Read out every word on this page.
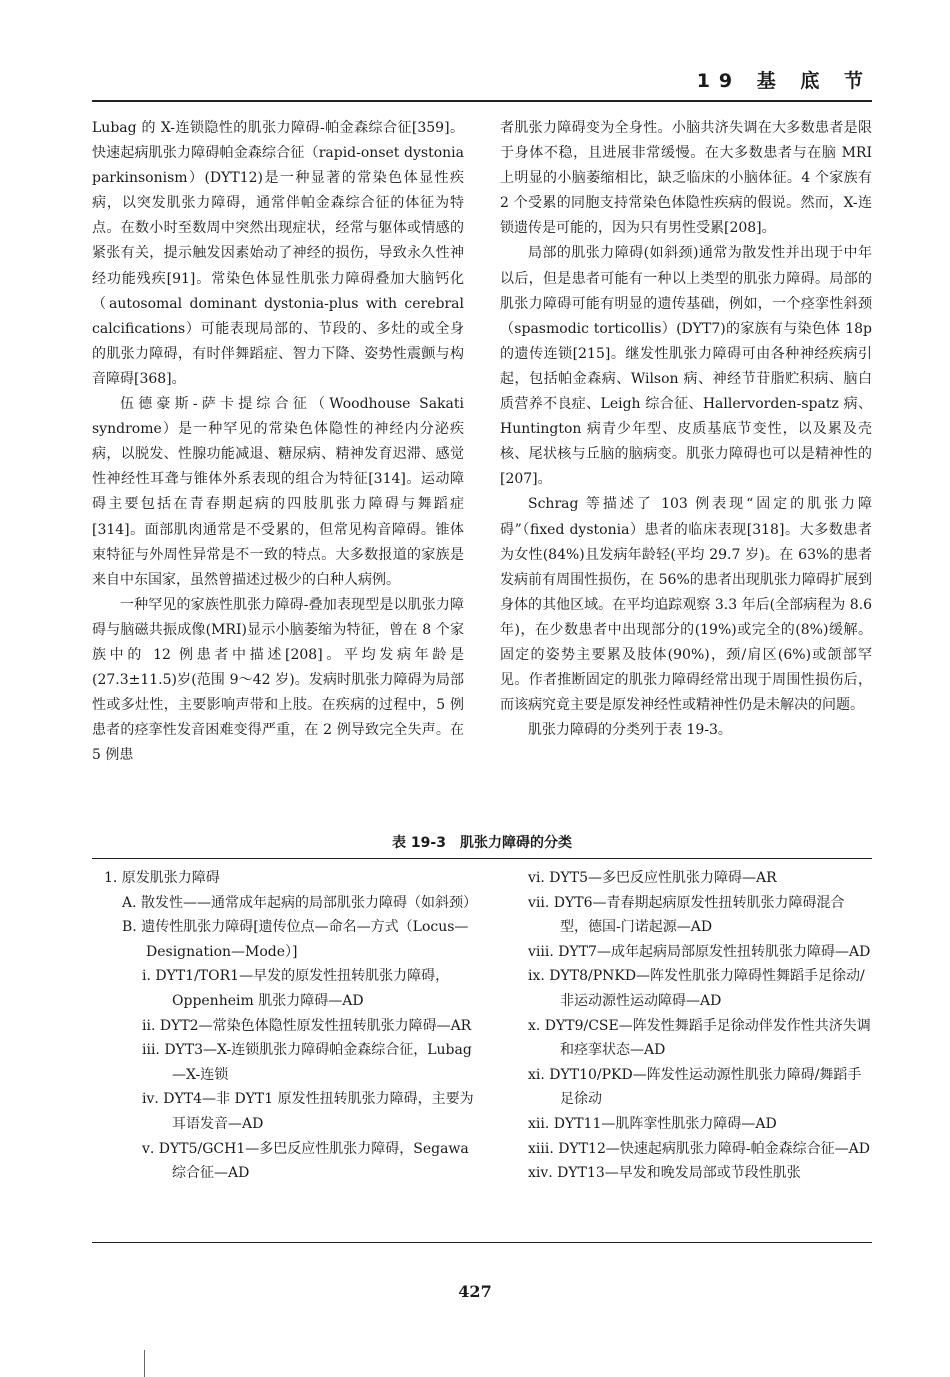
19 基 底 节

Lubag 的 X-连锁隐性的肌张力障碍-帕金森综合征[359]。快速起病肌张力障碍帕金森综合征（rapid-onset dystonia parkinsonism）(DYT12)是一种显著的常染色体显性疾病，以突发肌张力障碍，通常伴帕金森综合征的体征为特点。在数小时至数周中突然出现症状，经常与躯体或情感的紧张有关，提示触发因素始动了神经的损伤，导致永久性神经功能残疾[91]。常染色体显性肌张力障碍叠加大脑钙化（autosomal dominant dystonia-plus with cerebral calcifications）可能表现局部的、节段的、多灶的或全身的肌张力障碍，有时伴舞蹈症、智力下降、姿势性震颤与构音障碍[368]。

伍德豪斯-萨卡提综合征（Woodhouse Sakati syndrome）是一种罕见的常染色体隐性的神经内分泌疾病，以脱发、性腺功能减退、糖尿病、精神发育迟滞、感觉性神经性耳聋与锥体外系表现的组合为特征[314]。运动障碍主要包括在青春期起病的四肢肌张力障碍与舞蹈症[314]。面部肌肉通常是不受累的，但常见构音障碍。锥体束特征与外周性异常是不一致的特点。大多数报道的家族是来自中东国家，虽然曾描述过极少的白种人病例。

一种罕见的家族性肌张力障碍-叠加表现型是以肌张力障碍与脑磁共振成像(MRI)显示小脑萎缩为特征，曾在 8 个家族中的 12 例患者中描述[208]。平均发病年龄是(27.3±11.5)岁(范围 9～42 岁)。发病时肌张力障碍为局部性或多灶性，主要影响声带和上肢。在疾病的过程中，5 例患者的痉挛性发音困难变得严重，在 2 例导致完全失声。在 5 例患

者肌张力障碍变为全身性。小脑共济失调在大多数患者是限于身体不稳，且进展非常缓慢。在大多数患者与在脑 MRI 上明显的小脑萎缩相比，缺乏临床的小脑体征。4 个家族有 2 个受累的同胞支持常染色体隐性疾病的假说。然而，X-连锁遗传是可能的，因为只有男性受累[208]。

局部的肌张力障碍(如斜颈)通常为散发性并出现于中年以后，但是患者可能有一种以上类型的肌张力障碍。局部的肌张力障碍可能有明显的遗传基础，例如，一个痉挛性斜颈（spasmodic torticollis）(DYT7)的家族有与染色体 18p 的遗传连锁[215]。继发性肌张力障碍可由各种神经疾病引起，包括帕金森病、Wilson 病、神经节苷脂贮积病、脑白质营养不良症、Leigh 综合征、Hallervorden-spatz 病、Huntington 病青少年型、皮质基底节变性，以及累及壳核、尾状核与丘脑的脑病变。肌张力障碍也可以是精神性的[207]。

Schrag 等描述了 103 例表现“固定的肌张力障碍”（fixed dystonia）患者的临床表现[318]。大多数患者为女性(84%)且发病年龄轻(平均 29.7 岁)。在 63%的患者发病前有周围性损伤，在 56%的患者出现肌张力障碍扩展到身体的其他区域。在平均追踪观察 3.3 年后(全部病程为 8.6 年)，在少数患者中出现部分的(19%)或完全的(8%)缓解。固定的姿势主要累及肢体(90%)，颈/肩区(6%)或颌部罕见。作者推断固定的肌张力障碍经常出现于周围性损伤后，而该病究竟主要是原发神经性或精神性仍是未解决的问题。

肌张力障碍的分类列于表 19-3。

表 19-3　肌张力障碍的分类
1. 原发肌张力障碍
A. 散发性——通常成年起病的局部肌张力障碍（如斜颈）
B. 遗传性肌张力障碍[遗传位点—命名—方式（Locus—Designation—Mode）]
ⅰ. DYT1/TOR1—早发的原发性扭转肌张力障碍，Oppenheim 肌张力障碍—AD
ⅱ. DYT2—常染色体隐性原发性扭转肌张力障碍—AR
ⅲ. DYT3—X-连锁肌张力障碍帕金森综合征，Lubag—X-连锁
ⅳ. DYT4—非 DYT1 原发性扭转肌张力障碍，主要为耳语发音—AD
ⅴ. DYT5/GCH1—多巴反应性肌张力障碍，Segawa 综合征—AD
ⅵ. DYT5—多巴反应性肌张力障碍—AR
ⅶ. DYT6—青春期起病原发性扭转肌张力障碍混合型，德国-门诺起源—AD
ⅷ. DYT7—成年起病局部原发性扭转肌张力障碍—AD
ⅸ. DYT8/PNKD—阵发性肌张力障碍性舞蹈手足徐动/非运动源性运动障碍—AD
ⅹ. DYT9/CSE—阵发性舞蹈手足徐动伴发作性共济失调和痉挛状态—AD
ⅺ. DYT10/PKD—阵发性运动源性肌张力障碍/舞蹈手足徐动
ⅻ. DYT11—肌阵挛性肌张力障碍—AD
ⅹⅲ. DYT12—快速起病肌张力障碍-帕金森综合征—AD
ⅹⅳ. DYT13—早发和晚发局部或节段性肌张
427
